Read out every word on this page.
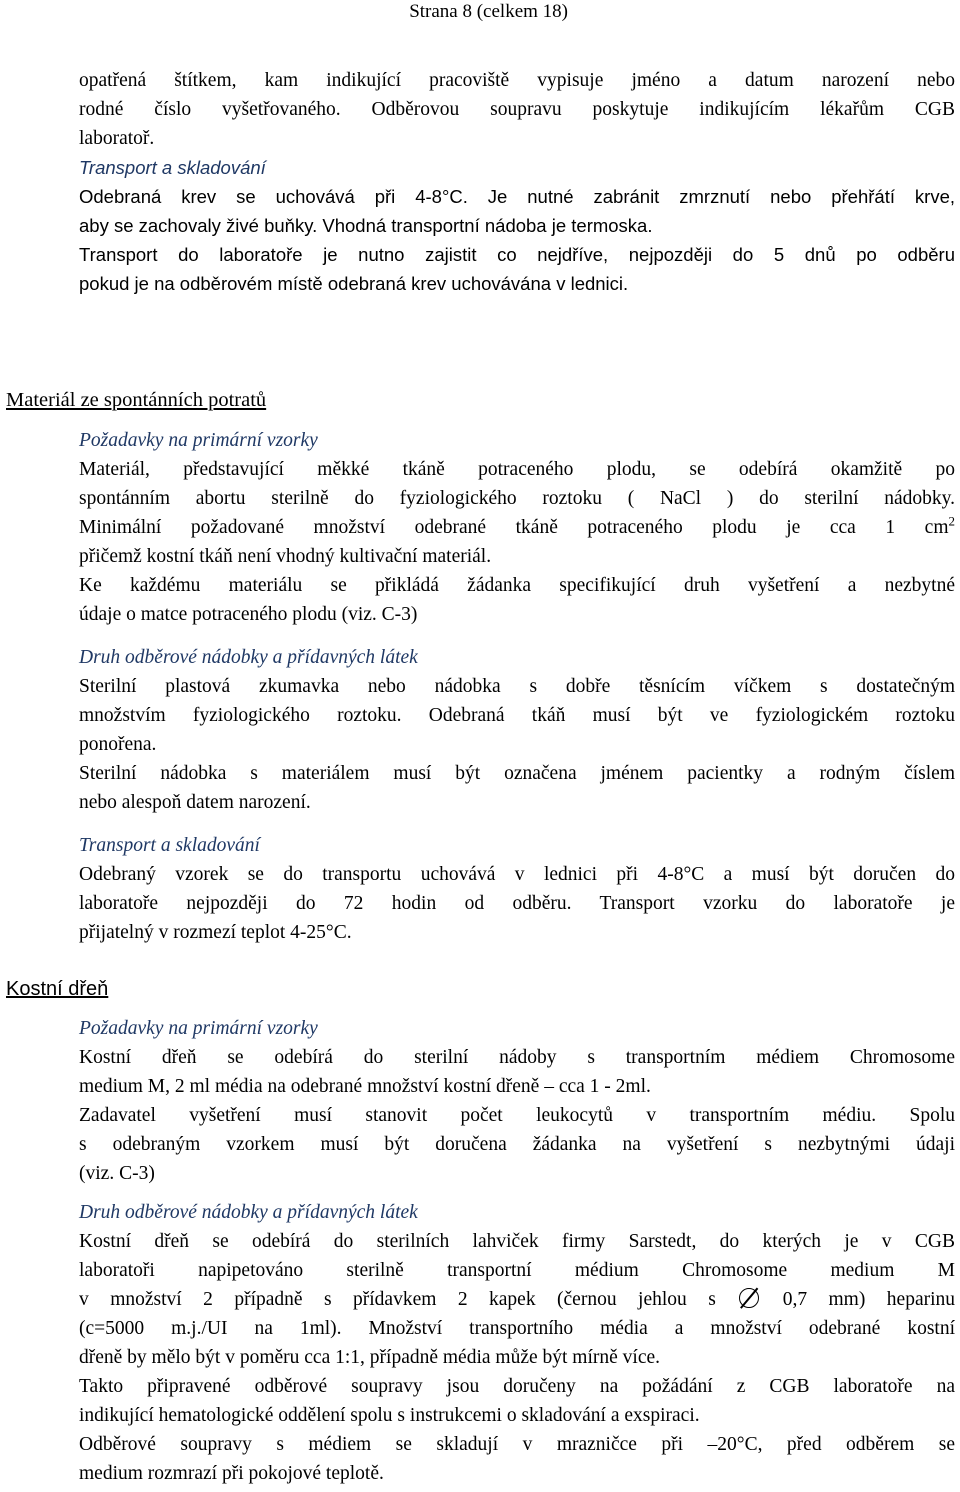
Strana 8 (celkem 18)

opatřená štítkem, kam indikující pracoviště vypisuje jméno a datum narození nebo

rodné číslo vyšetřovaného. Odběrovou soupravu poskytuje indikujícím lékařům CGB

laboratoř.

Transport a skladování

Odebraná krev se uchovává při 4-8°C. Je nutné zabránit zmrznutí nebo přehřátí krve,

aby se zachovaly živé buňky. Vhodná transportní nádoba je termoska.

Transport do laboratoře je nutno zajistit co nejdříve, nejpozději do 5 dnů po odběru

pokud je na odběrovém místě odebraná krev uchovávána v lednici.

Materiál ze spontánních potratů

Požadavky na primární vzorky

Materiál, představující měkké tkáně potraceného plodu, se odebírá okamžitě po

spontánním abortu sterilně do fyziologického roztoku ( NaCl ) do sterilní nádobky.

Minimální požadované množství odebrané tkáně potraceného plodu je cca 1 $cm^2$

přičemž kostní tkáň není vhodný kultivační materiál.

Ke každému materiálu se přikládá žádanka specifikující druh vyšetření a nezbytné

údaje o matce potraceného plodu (viz. C-3)

Druh odběrové nádobky a přídavných látek

Sterilní plastová zkumavka nebo nádobka s dobře těsnícím víčkem s dostatečným

množstvím fyziologického roztoku. Odebraná tkáň musí být ve fyziologickém roztoku

ponořena.

Sterilní nádobka s materiálem musí být označena jménem pacientky a rodným číslem

nebo alespoň datem narození.

Transport a skladování

Odebraný vzorek se do transportu uchovává v lednici při 4-8°C a musí být doručen do

laboratoře nejpozději do 72 hodin od odběru. Transport vzorku do laboratoře je

přijatelný v rozmezí teplot 4-25°C.

Kostní dřeň

Požadavky na primární vzorky

Kostní dřeň se odebírá do sterilní nádoby s transportním médiem Chromosome

medium M, 2 ml média na odebrané množství kostní dřeně – cca 1 - 2ml.

Zadavatel vyšetření musí stanovit počet leukocytů v transportním médiu. Spolu

s odebraným vzorkem musí být doručena žádanka na vyšetření s nezbytnými údaji

(viz. C-3)

Druh odběrové nádobky a přídavných látek

Kostní dřeň se odebírá do sterilních lahviček firmy Sarstedt, do kterých je v CGB

laboratoři napipetováno sterilně transportní médium Chromosome medium M

v množství 2 případně s přídavkem 2 kapek (černou jehlou s	0,7 mm) heparinu

(c=5000 m.j./UI na 1ml). Množství transportního média a množství odebrané kostní

dřeně by mělo být v poměru cca 1:1, případně média může být mírně více.

Takto připravené odběrové soupravy jsou doručeny na požádání z CGB laboratoře na

indikující hematologické oddělení spolu s instrukcemi o skladování a exspiraci.

Odběrové soupravy s médiem se skladují v mrazničce při –20°C, před odběrem se

medium rozmrazí při pokojové teplotě.
